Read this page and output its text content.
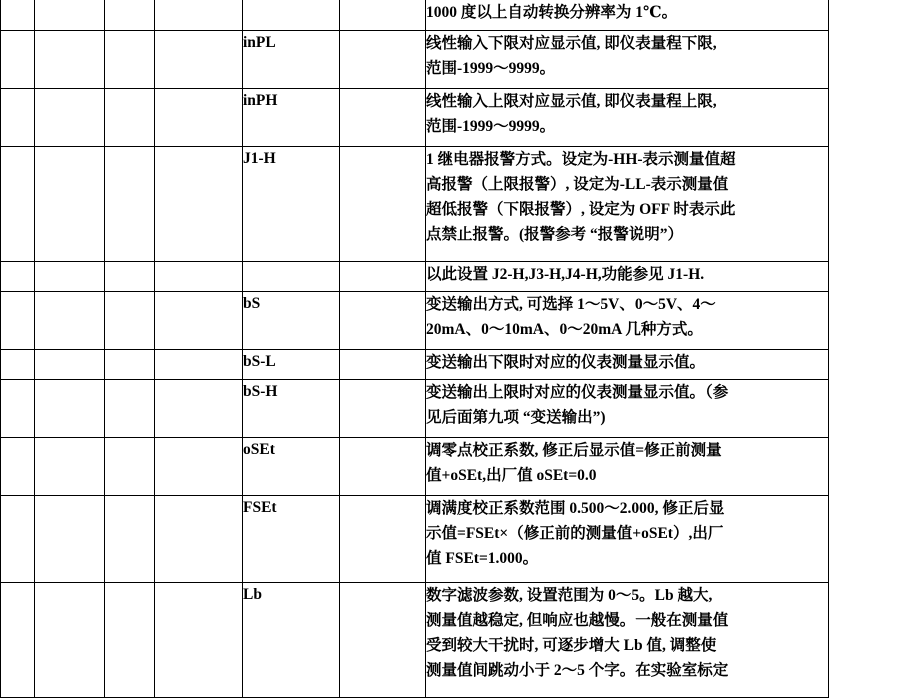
						1000 度以上自动转换分辨率为 1℃。

				inPL		线性输入下限对应显示值, 即仪表量程下限,
范围-1999～9999。

				inPH		线性输入上限对应显示值, 即仪表量程上限,
范围-1999～9999。

				J1-H		1 继电器报警方式。设定为-HH-表示测量值超
高报警（上限报警）, 设定为-LL-表示测量值
超低报警（下限报警）, 设定为 OFF 时表示此
点禁止报警。(报警参考 “报警说明”）

						以此设置 J2-H,J3-H,J4-H,功能参见 J1-H.

				bS		变送输出方式, 可选择 1～5V、0～5V、4～
20mA、0～10mA、0～20mA 几种方式。

				bS-L		变送输出下限时对应的仪表测量显示值。

				bS-H		变送输出上限时对应的仪表测量显示值。（参
见后面第九项 “变送输出”)

				oSEt		调零点校正系数, 修正后显示值=修正前测量
值+oSEt,出厂值 oSEt=0.0

				FSEt		调满度校正系数范围 0.500～2.000, 修正后显
示值=FSEt×（修正前的测量值+oSEt）,出厂
值 FSEt=1.000。

				Lb		数字滤波参数, 设置范围为 0～5。Lb 越大,
测量值越稳定, 但响应也越慢。一般在测量值
受到较大干扰时, 可逐步增大 Lb 值, 调整使
测量值间跳动小于 2～5 个字。在实验室标定
